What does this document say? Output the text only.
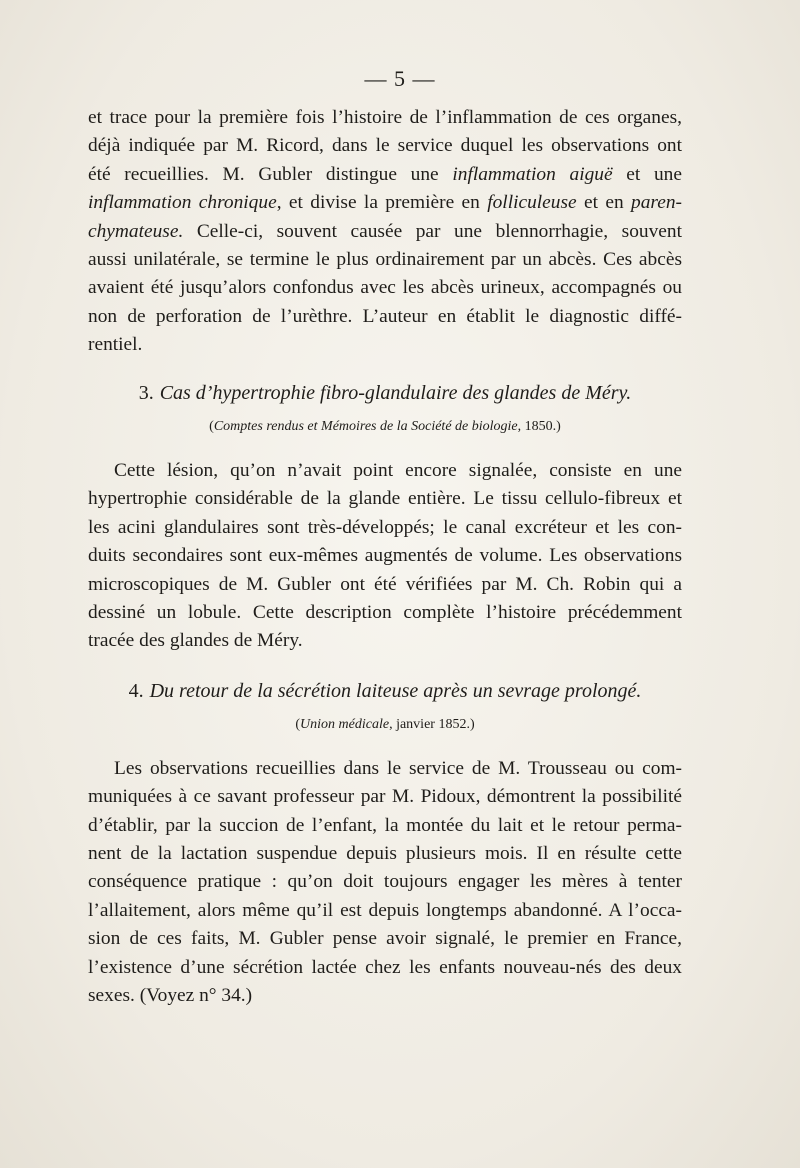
— 5 —

et trace pour la première fois l’histoire de l’inflammation de ces organes,
déjà indiquée par M. Ricord, dans le service duquel les observations ont
été recueillies. M. Gubler distingue une inflammation aiguë et une
inflammation chronique, et divise la première en folliculeuse et en paren-
chymateuse. Celle-ci, souvent causée par une blennorrhagie, souvent
aussi unilatérale, se termine le plus ordinairement par un abcès. Ces abcès
avaient été jusqu’alors confondus avec les abcès urineux, accompagnés ou
non de perforation de l’urèthre. L’auteur en établit le diagnostic diffé-
rentiel.

3. Cas d’hypertrophie fibro-glandulaire des glandes de Méry.

(Comptes rendus et Mémoires de la Société de biologie, 1850.)

Cette lésion, qu’on n’avait point encore signalée, consiste en une
hypertrophie considérable de la glande entière. Le tissu cellulo-fibreux et
les acini glandulaires sont très-développés; le canal excréteur et les con-
duits secondaires sont eux-mêmes augmentés de volume. Les observations
microscopiques de M. Gubler ont été vérifiées par M. Ch. Robin qui a
dessiné un lobule. Cette description complète l’histoire précédemment
tracée des glandes de Méry.

4. Du retour de la sécrétion laiteuse après un sevrage prolongé.

(Union médicale, janvier 1852.)

Les observations recueillies dans le service de M. Trousseau ou com-
muniquées à ce savant professeur par M. Pidoux, démontrent la possibilité
d’établir, par la succion de l’enfant, la montée du lait et le retour perma-
nent de la lactation suspendue depuis plusieurs mois. Il en résulte cette
conséquence pratique : qu’on doit toujours engager les mères à tenter
l’allaitement, alors même qu’il est depuis longtemps abandonné. A l’occa-
sion de ces faits, M. Gubler pense avoir signalé, le premier en France,
l’existence d’une sécrétion lactée chez les enfants nouveau-nés des deux
sexes. (Voyez n° 34.)
